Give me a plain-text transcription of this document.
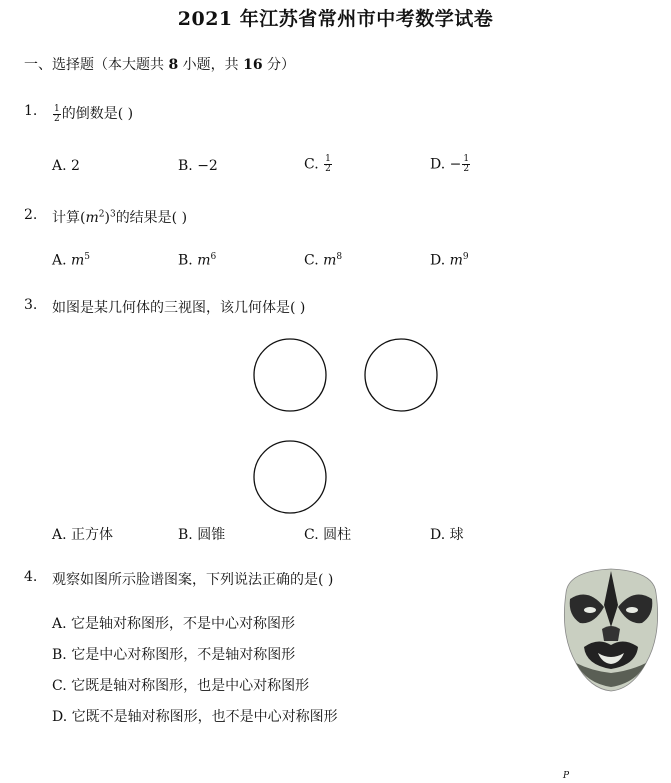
2021 年江苏省常州市中考数学试卷
一、选择题（本大题共 8 小题，共 16 分）
1. $\frac{1}{2}$ 的倒数是( )
A. 2	B. −2	C. $\frac{1}{2}$	D. − $\frac{1}{2}$
2. 计算$(m^2)^3$的结果是( )
A. $m^5$	B. $m^6$	C. $m^8$	D. $m^9$
3. 如图是某几何体的三视图，该几何体是( )
A. 正方体	B. 圆锥	C. 圆柱	D. 球
4. 观察如图所示脸谱图案，下列说法正确的是( )
A. 它是轴对称图形，不是中心对称图形
B. 它是中心对称图形，不是轴对称图形
C. 它既是轴对称图形，也是中心对称图形
D. 它既不是轴对称图形，也不是中心对称图形
P
